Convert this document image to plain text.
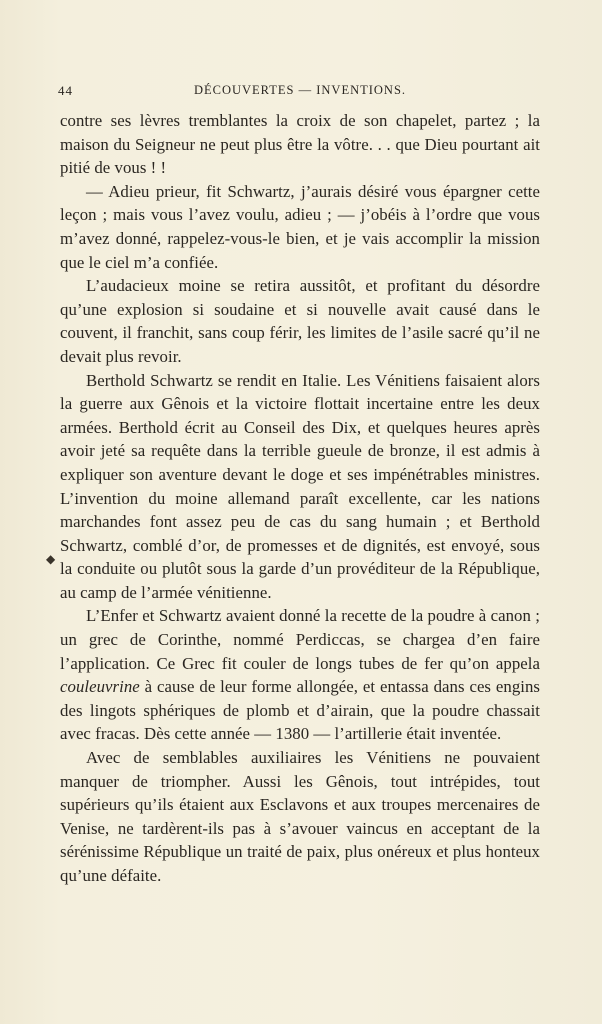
44	DÉCOUVERTES — INVENTIONS.
◆

contre ses lèvres tremblantes la croix de son chapelet, partez ; la maison du Seigneur ne peut plus être la vôtre. . . que Dieu pourtant ait pitié de vous ! !

— Adieu prieur, fit Schwartz, j’aurais désiré vous épargner cette leçon ; mais vous l’avez voulu, adieu ; — j’obéis à l’ordre que vous m’avez donné, rappelez-vous-le bien, et je vais accomplir la mission que le ciel m’a confiée.

L’audacieux moine se retira aussitôt, et profitant du désordre qu’une explosion si soudaine et si nouvelle avait causé dans le couvent, il franchit, sans coup férir, les limites de l’asile sacré qu’il ne devait plus revoir.

Berthold Schwartz se rendit en Italie. Les Vénitiens faisaient alors la guerre aux Gênois et la victoire flottait incertaine entre les deux armées. Berthold écrit au Conseil des Dix, et quelques heures après avoir jeté sa requête dans la terrible gueule de bronze, il est admis à expliquer son aventure devant le doge et ses impénétrables ministres. L’invention du moine allemand paraît excellente, car les nations marchandes font assez peu de cas du sang humain ; et Berthold Schwartz, comblé d’or, de promesses et de dignités, est envoyé, sous la conduite ou plutôt sous la garde d’un provéditeur de la République, au camp de l’armée vénitienne.

L’Enfer et Schwartz avaient donné la recette de la poudre à canon ; un grec de Corinthe, nommé Perdiccas, se chargea d’en faire l’application. Ce Grec fit couler de longs tubes de fer qu’on appela couleuvrine à cause de leur forme allongée, et entassa dans ces engins des lingots sphériques de plomb et d’airain, que la poudre chassait avec fracas. Dès cette année — 1380 — l’artillerie était inventée.

Avec de semblables auxiliaires les Vénitiens ne pouvaient manquer de triompher. Aussi les Gênois, tout intrépides, tout supérieurs qu’ils étaient aux Esclavons et aux troupes mercenaires de Venise, ne tardèrent-ils pas à s’avouer vaincus en acceptant de la sérénissime République un traité de paix, plus onéreux et plus honteux qu’une défaite.
